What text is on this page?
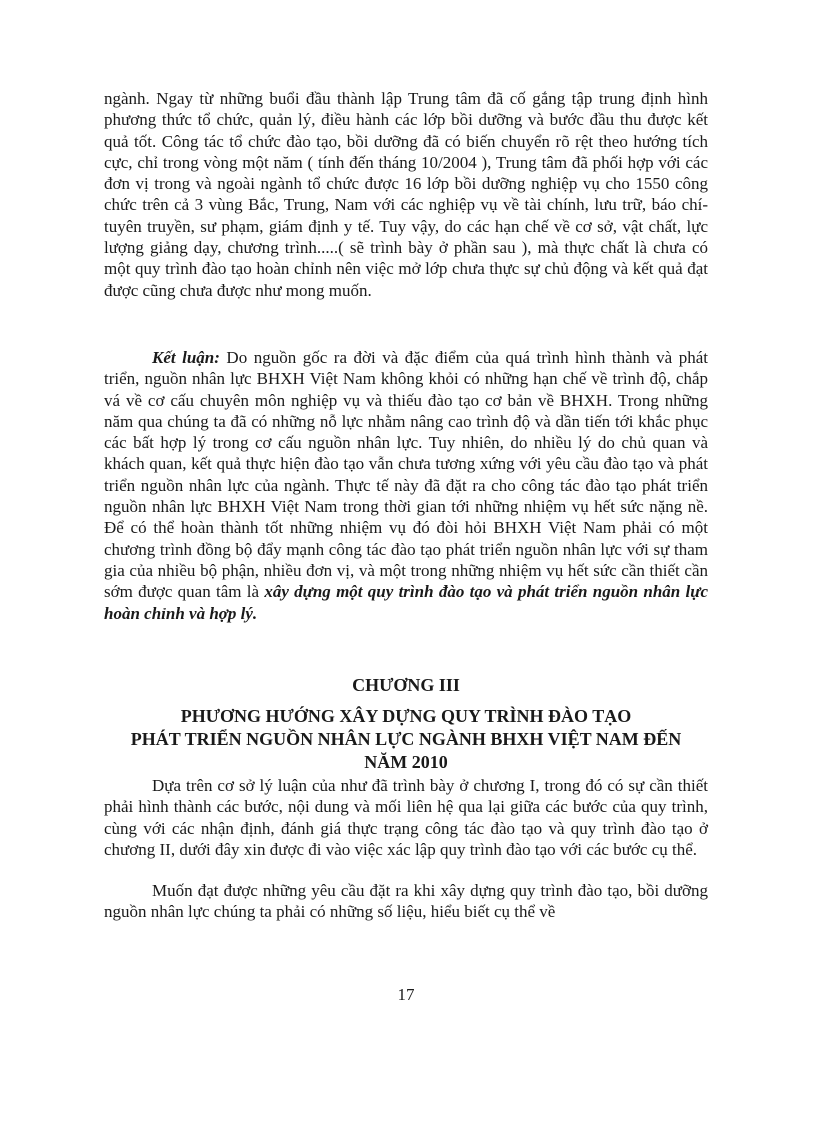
ngành. Ngay từ những buổi đầu thành lập Trung tâm đã cố gắng tập trung định hình phương thức tổ chức, quản lý, điều hành các lớp bồi dưỡng và bước đầu thu được kết quả tốt. Công tác tổ chức đào tạo, bồi dưỡng đã có biến chuyển rõ rệt theo hướng tích cực, chỉ trong vòng một năm ( tính đến tháng 10/2004 ), Trung tâm đã phối hợp với các đơn vị trong và ngoài ngành tổ chức được 16 lớp bồi dưỡng nghiệp vụ cho 1550 công chức trên cả 3 vùng Bắc, Trung, Nam với các nghiệp vụ về tài chính, lưu trữ, báo chí- tuyên truyền, sư phạm, giám định y tế. Tuy vậy, do các hạn chế về cơ sở, vật chất, lực lượng giảng dạy, chương trình.....( sẽ trình bày ở phần sau ), mà thực chất là chưa có một quy trình đào tạo hoàn chỉnh nên việc mở lớp chưa thực sự chủ động và kết quả đạt được cũng chưa được như mong muốn.

Kết luận: Do nguồn gốc ra đời và đặc điểm của quá trình hình thành và phát triển, nguồn nhân lực BHXH Việt Nam không khỏi có những hạn chế về trình độ, chắp vá về cơ cấu chuyên môn nghiệp vụ và thiếu đào tạo cơ bản về BHXH. Trong những năm qua chúng ta đã có những nỗ lực nhằm nâng cao trình độ và dần tiến tới khắc phục các bất hợp lý trong cơ cấu nguồn nhân lực. Tuy nhiên, do nhiều lý do chủ quan và khách quan, kết quả thực hiện đào tạo vẫn chưa tương xứng với yêu cầu đào tạo và phát triển nguồn nhân lực của ngành. Thực tế này đã đặt ra cho công tác đào tạo phát triển nguồn nhân lực BHXH Việt Nam trong thời gian tới những nhiệm vụ hết sức nặng nề. Để có thể hoàn thành tốt những nhiệm vụ đó đòi hỏi BHXH Việt Nam phải có một chương trình đồng bộ đẩy mạnh công tác đào tạo phát triển nguồn nhân lực với sự tham gia của nhiều bộ phận, nhiều đơn vị, và một trong những nhiệm vụ hết sức cần thiết cần sớm được quan tâm là xây dựng một quy trình đào tạo và phát triển nguồn nhân lực hoàn chỉnh và hợp lý.

CHƯƠNG III

PHƯƠNG HƯỚNG XÂY DỰNG QUY TRÌNH ĐÀO TẠO
PHÁT TRIỂN NGUỒN NHÂN LỰC NGÀNH BHXH VIỆT NAM ĐẾN
NĂM 2010

Dựa trên cơ sở lý luận của như đã trình bày ở chương I, trong đó có sự cần thiết phải hình thành các bước, nội dung và mối liên hệ qua lại giữa các bước của quy trình, cùng với các nhận định, đánh giá thực trạng công tác đào tạo và quy trình đào tạo ở chương II, dưới đây xin được đi vào việc xác lập quy trình đào tạo với các bước cụ thể.

Muốn đạt được những yêu cầu đặt ra khi xây dựng quy trình đào tạo, bồi dưỡng nguồn nhân lực chúng ta phải có những số liệu, hiểu biết cụ thể về

17
